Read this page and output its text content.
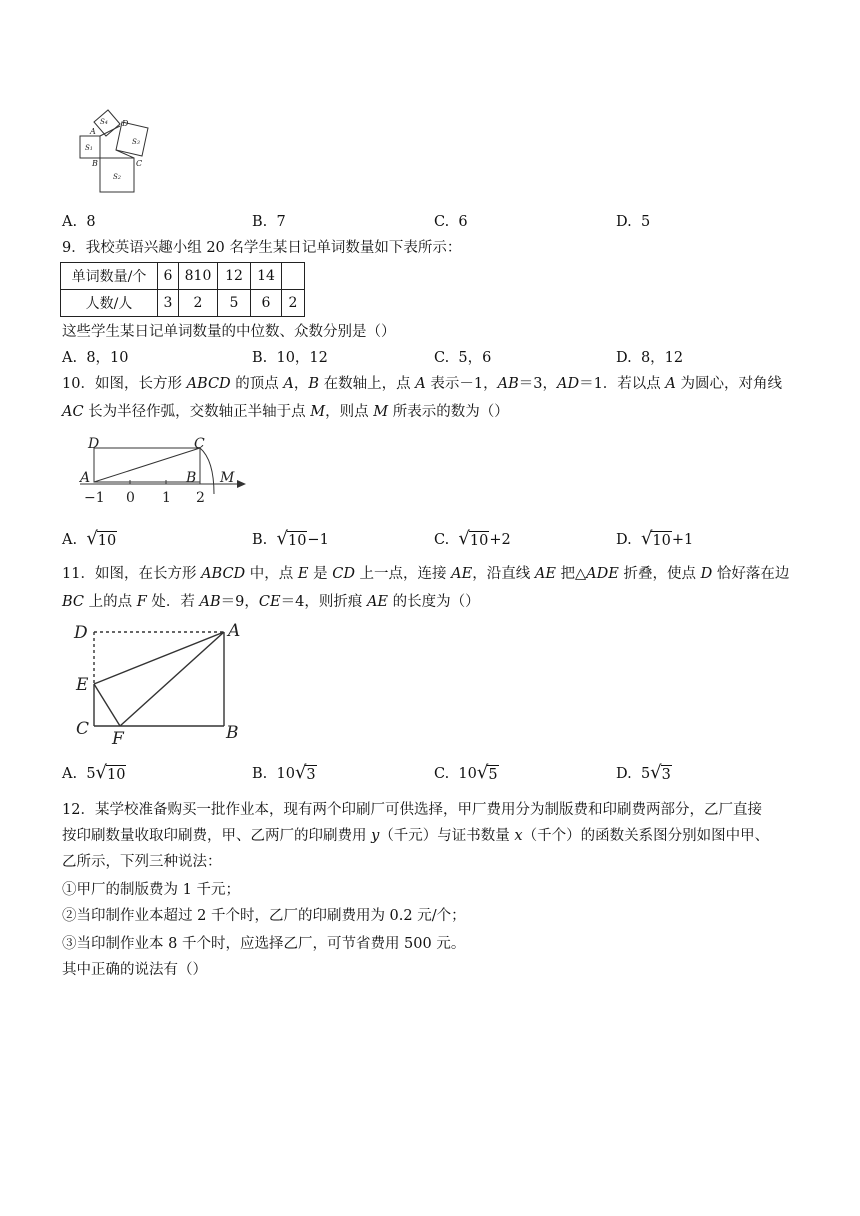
S4
S3
S1
S2
A
B	C
D
A. 8	B. 7	C. 6	D. 5
9．我校英语兴趣小组 20 名学生某日记单词数量如下表所示：
单词数量/个	6	810	12	14	
人数/人	3	2	5	6	2
这些学生某日记单词数量的中位数、众数分别是（）
A. 8，10	B. 10，12	C. 5，6	D. 8，12
10．如图，长方形 ABCD 的顶点 A，B 在数轴上，点 A 表示－1，AB＝3，AD＝1．若以点 A 为圆心，对角线
AC 长为半径作弧，交数轴正半轴于点 M，则点 M 所表示的数为（）
D	C
A	B M
−1 0 1 2
A. √ 10	B. √ 10 −1	C. √ 10 +2	D. √ 10 +1
11．如图，在长方形 ABCD 中，点 E 是 CD 上一点，连接 AE，沿直线 AE 把△ADE 折叠，使点 D 恰好落在边
BC 上的点 F 处．若 AB＝9，CE＝4，则折痕 AE 的长度为（）
D	A
E
C F	B
A. 5 √ 10	B. 10 √ 3	C. 10 √ 5	D. 5 √ 3
12．某学校准备购买一批作业本，现有两个印刷厂可供选择，甲厂费用分为制版费和印刷费两部分，乙厂直接
按印刷数量收取印刷费，甲、乙两厂的印刷费用 y（千元）与证书数量 x（千个）的函数关系图分别如图中甲、
乙所示，下列三种说法：
①甲厂的制版费为 1 千元；
②当印制作业本超过 2 千个时，乙厂的印刷费用为 0.2 元/个；
③当印制作业本 8 千个时，应选择乙厂，可节省费用 500 元。
其中正确的说法有（）
